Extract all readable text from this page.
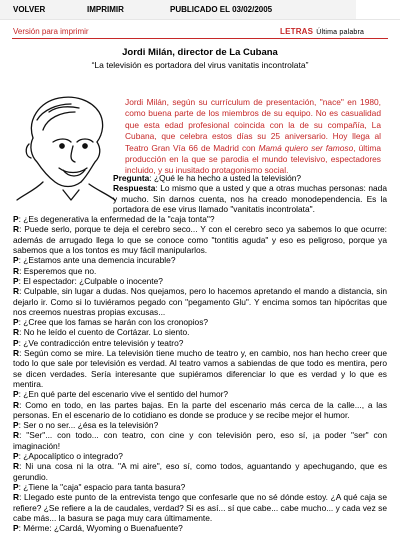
VOLVER	IMPRIMIR	PUBLICADO EL 03/02/2005
Versión para imprimir	LETRAS Última palabra
Jordi Milán, director de La Cubana
“La televisión es portadora del virus vanitatis incontrolata”

Jordi Milán, según su currículum de presentación, "nace" en 1980, como buena parte de los miembros de su equipo. No es casualidad que esta edad profesional coincida con la de su compañía, La Cubana, que celebra estos días su 25 aniversario. Hoy llega al Teatro Gran Vía 66 de Madrid con Mamá quiero ser famoso, última producción en la que se parodia el mundo televisivo, espectadores incluido, y su inusitado protagonismo social.

Pregunta: ¿Qué le ha hecho a usted la televisión?

Respuesta: Lo mismo que a usted y que a otras muchas personas: nada y mucho. Sin darnos cuenta, nos ha creado monodependencia. Es la portadora de ese virus llamado "vanitatis incontrolata".

P: ¿Es degenerativa la enfermedad de la "caja tonta"?

R: Puede serlo, porque te deja el cerebro seco... Y con el cerebro seco ya sabemos lo que ocurre: además de arrugado llega lo que se conoce como "tontitis aguda" y eso es peligroso, porque ya sabemos que a los tontos es muy fácil manipularlos.

P: ¿Estamos ante una demencia incurable?

R: Esperemos que no.

P: El espectador: ¿Culpable o inocente?

R: Culpable, sin lugar a dudas. Nos quejamos, pero lo hacemos apretando el mando a distancia, sin dejarlo ir. Como si lo tuviéramos pegado con "pegamento Glu". Y encima somos tan hipócritas que nos creemos nuestras propias excusas...

P: ¿Cree que los famas se harán con los cronopios?

R: No he leído el cuento de Cortázar. Lo siento.

P: ¿Ve contradicción entre televisión y teatro?

R: Según como se mire. La televisión tiene mucho de teatro y, en cambio, nos han hecho creer que todo lo que sale por televisión es verdad. Al teatro vamos a sabiendas de que todo es mentira, pero se dicen verdades. Sería interesante que supiéramos diferenciar lo que es verdad y lo que es mentira.

P: ¿En qué parte del escenario vive el sentido del humor?

R: Como en todo, en las partes bajas. En la parte del escenario más cerca de la calle..., a las personas. En el escenario de lo cotidiano es donde se produce y se recibe mejor el humor.

P: Ser o no ser... ¿ésa es la televisión?

R: "Ser"... con todo... con teatro, con cine y con televisión pero, eso sí, ¡a poder "ser" con imaginación!

P: ¿Apocalíptico o integrado?

R: Ni una cosa ni la otra. "A mi aire", eso sí, como todos, aguantando y apechugando, que es gerundio.

P: ¿Tiene la "caja" espacio para tanta basura?

R: Llegado este punto de la entrevista tengo que confesarle que no sé dónde estoy. ¿A qué caja se refiere? ¿Se refiere a la de caudales, verdad? Si es así... sí que cabe... cabe mucho... y cada vez se cabe más... la basura se paga muy cara últimamente.

P: Mérme: ¿Cardá, Wyoming o Buenafuente?
